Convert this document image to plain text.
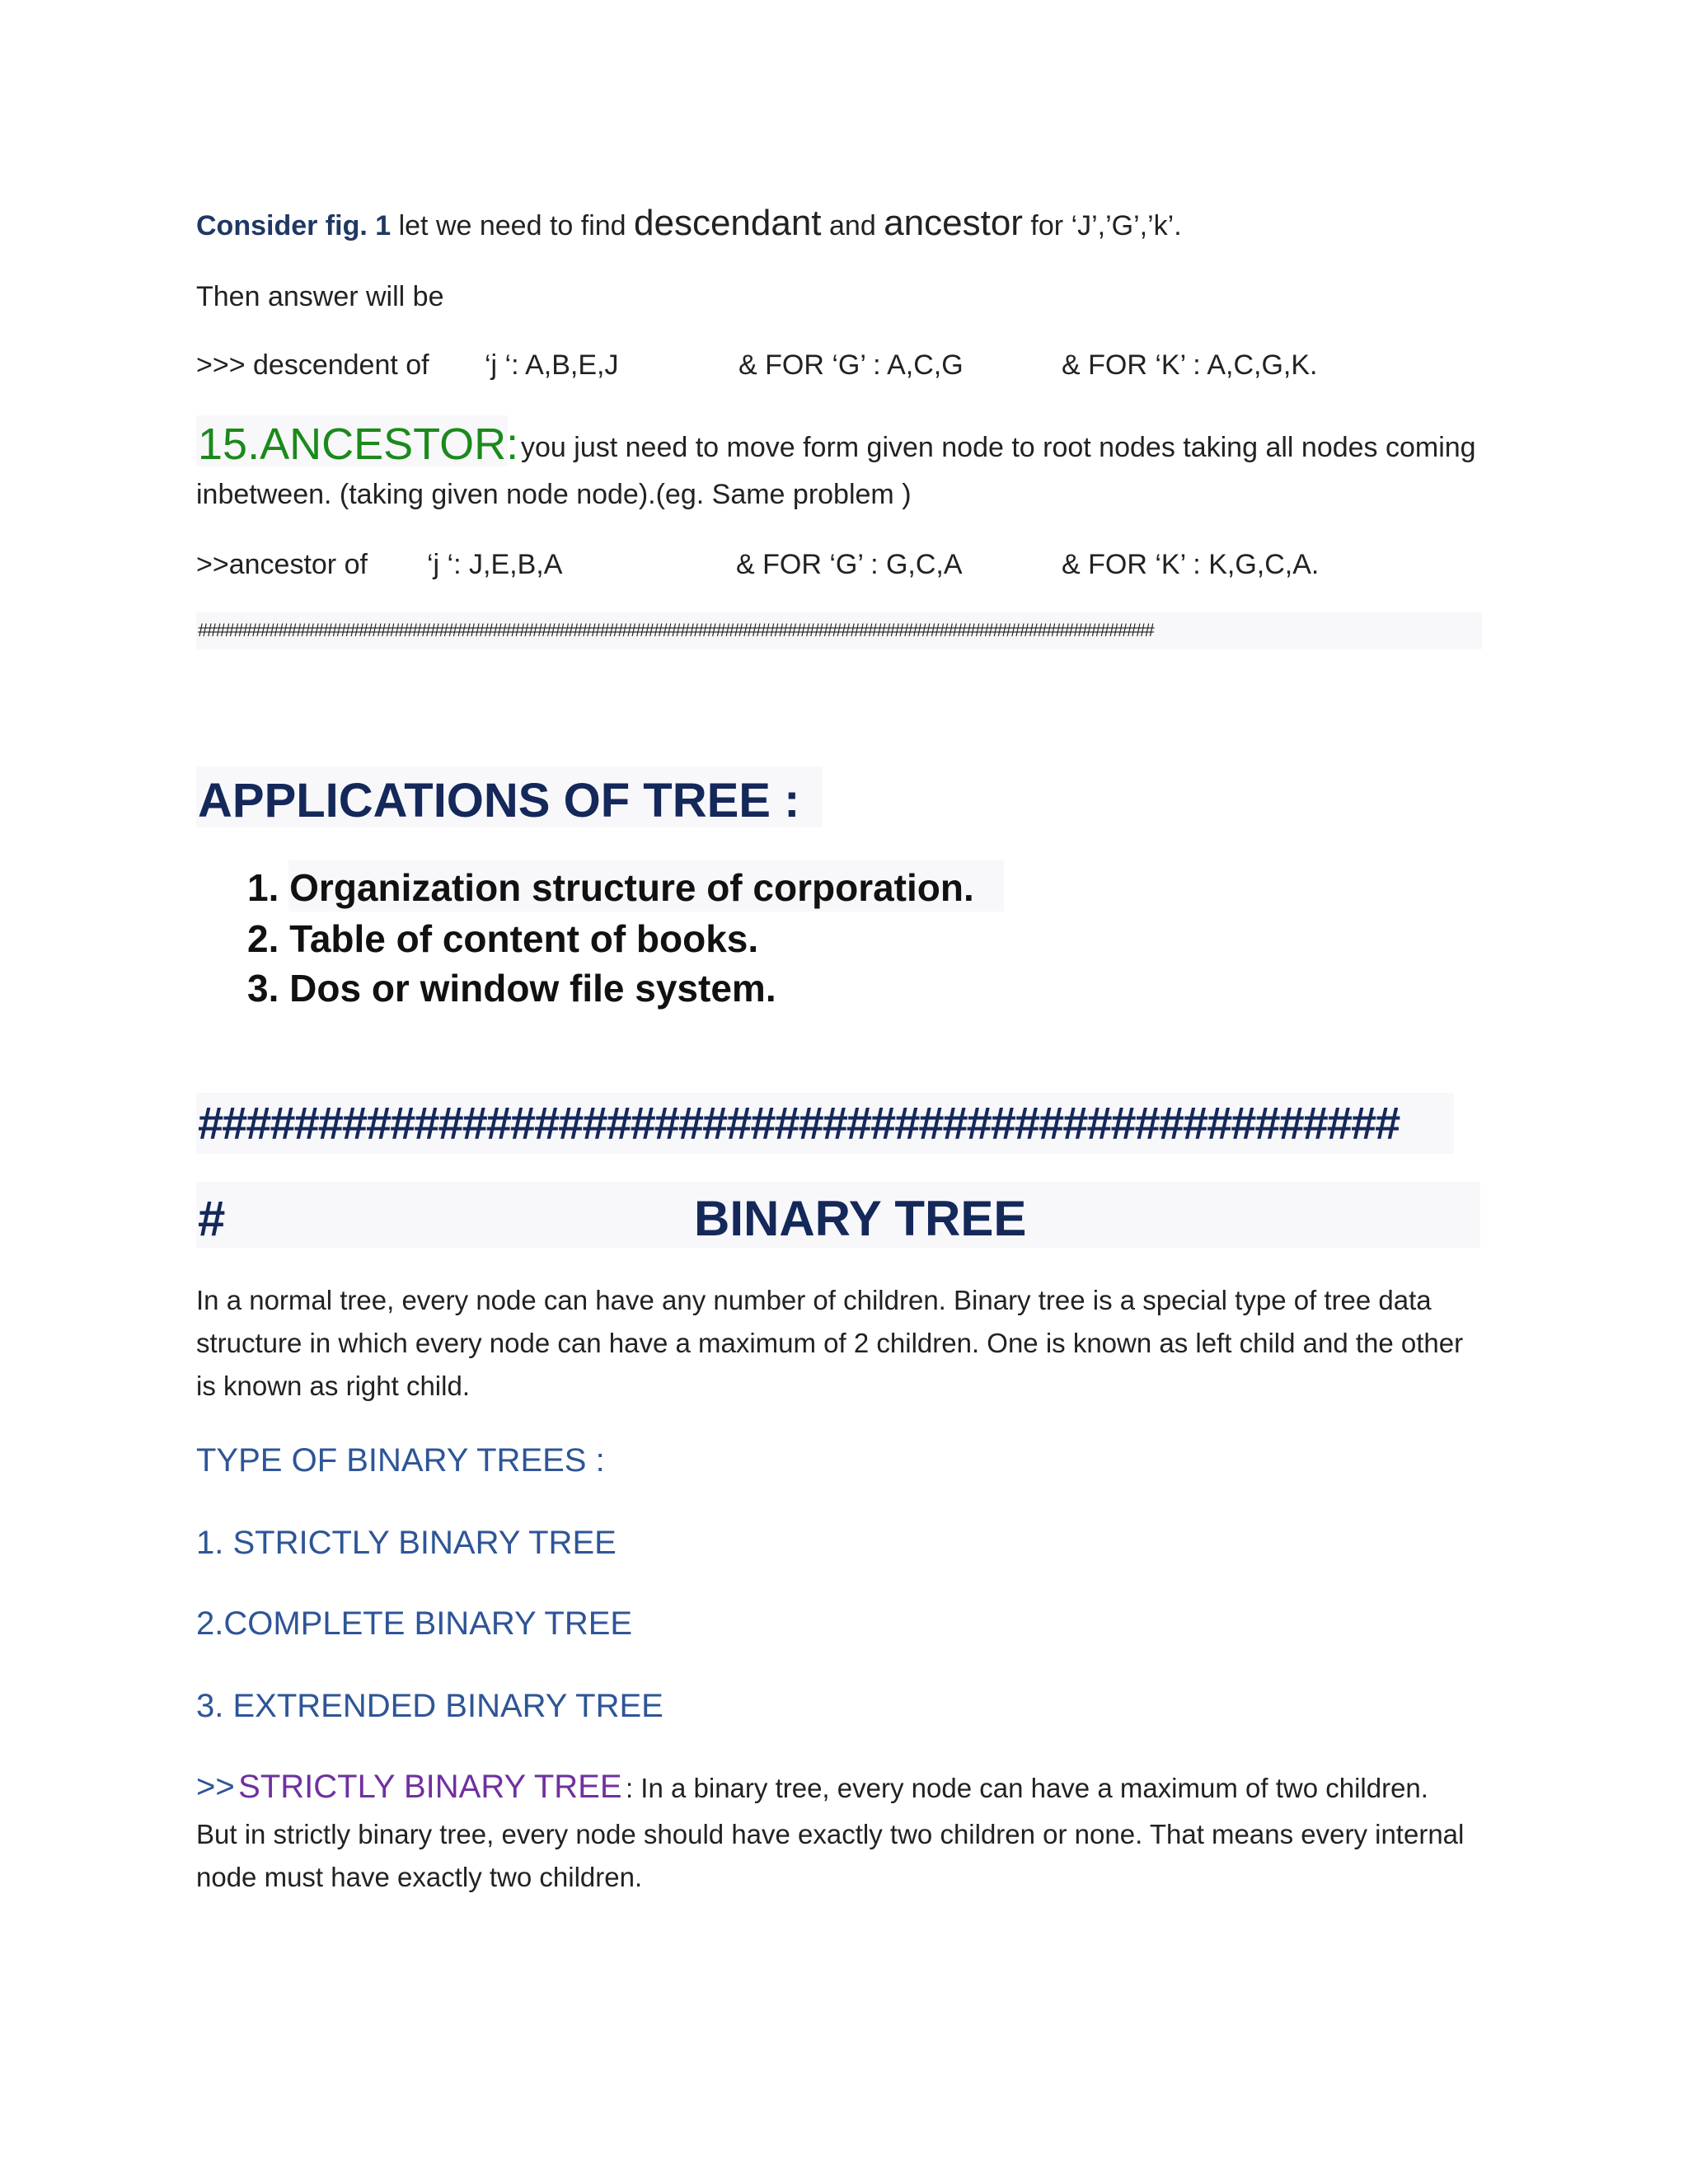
Consider fig. 1 let we need to find descendant and ancestor for ‘J’,’G’,’k’.
Then answer will be
>>> descendent of ‘j ‘: A,B,E,J	& FOR ‘G’ : A,C,G	& FOR ‘K’ : A,C,G,K.
15.ANCESTOR: you just need to move form given node to root nodes taking all nodes coming
inbetween. (taking given node node).(eg. Same problem )
>>ancestor of ‘j ‘: J,E,B,A	& FOR ‘G’ : G,C,A	& FOR ‘K’ : K,G,C,A.
###########################################################################################################
APPLICATIONS OF TREE :
1. Organization structure of corporation.
2. Table of content of books.
3. Dos or window file system.
##################################################
#	BINARY TREE
In a normal tree, every node can have any number of children. Binary tree is a special type of tree data structure in which every node can have a maximum of 2 children. One is known as left child and the other is known as right child.
TYPE OF BINARY TREES :
1. STRICTLY BINARY TREE
2.COMPLETE BINARY TREE
3. EXTRENDED BINARY TREE
>> STRICTLY BINARY TREE : In a binary tree, every node can have a maximum of two children.
But in strictly binary tree, every node should have exactly two children or none. That means every internal node must have exactly two children.
